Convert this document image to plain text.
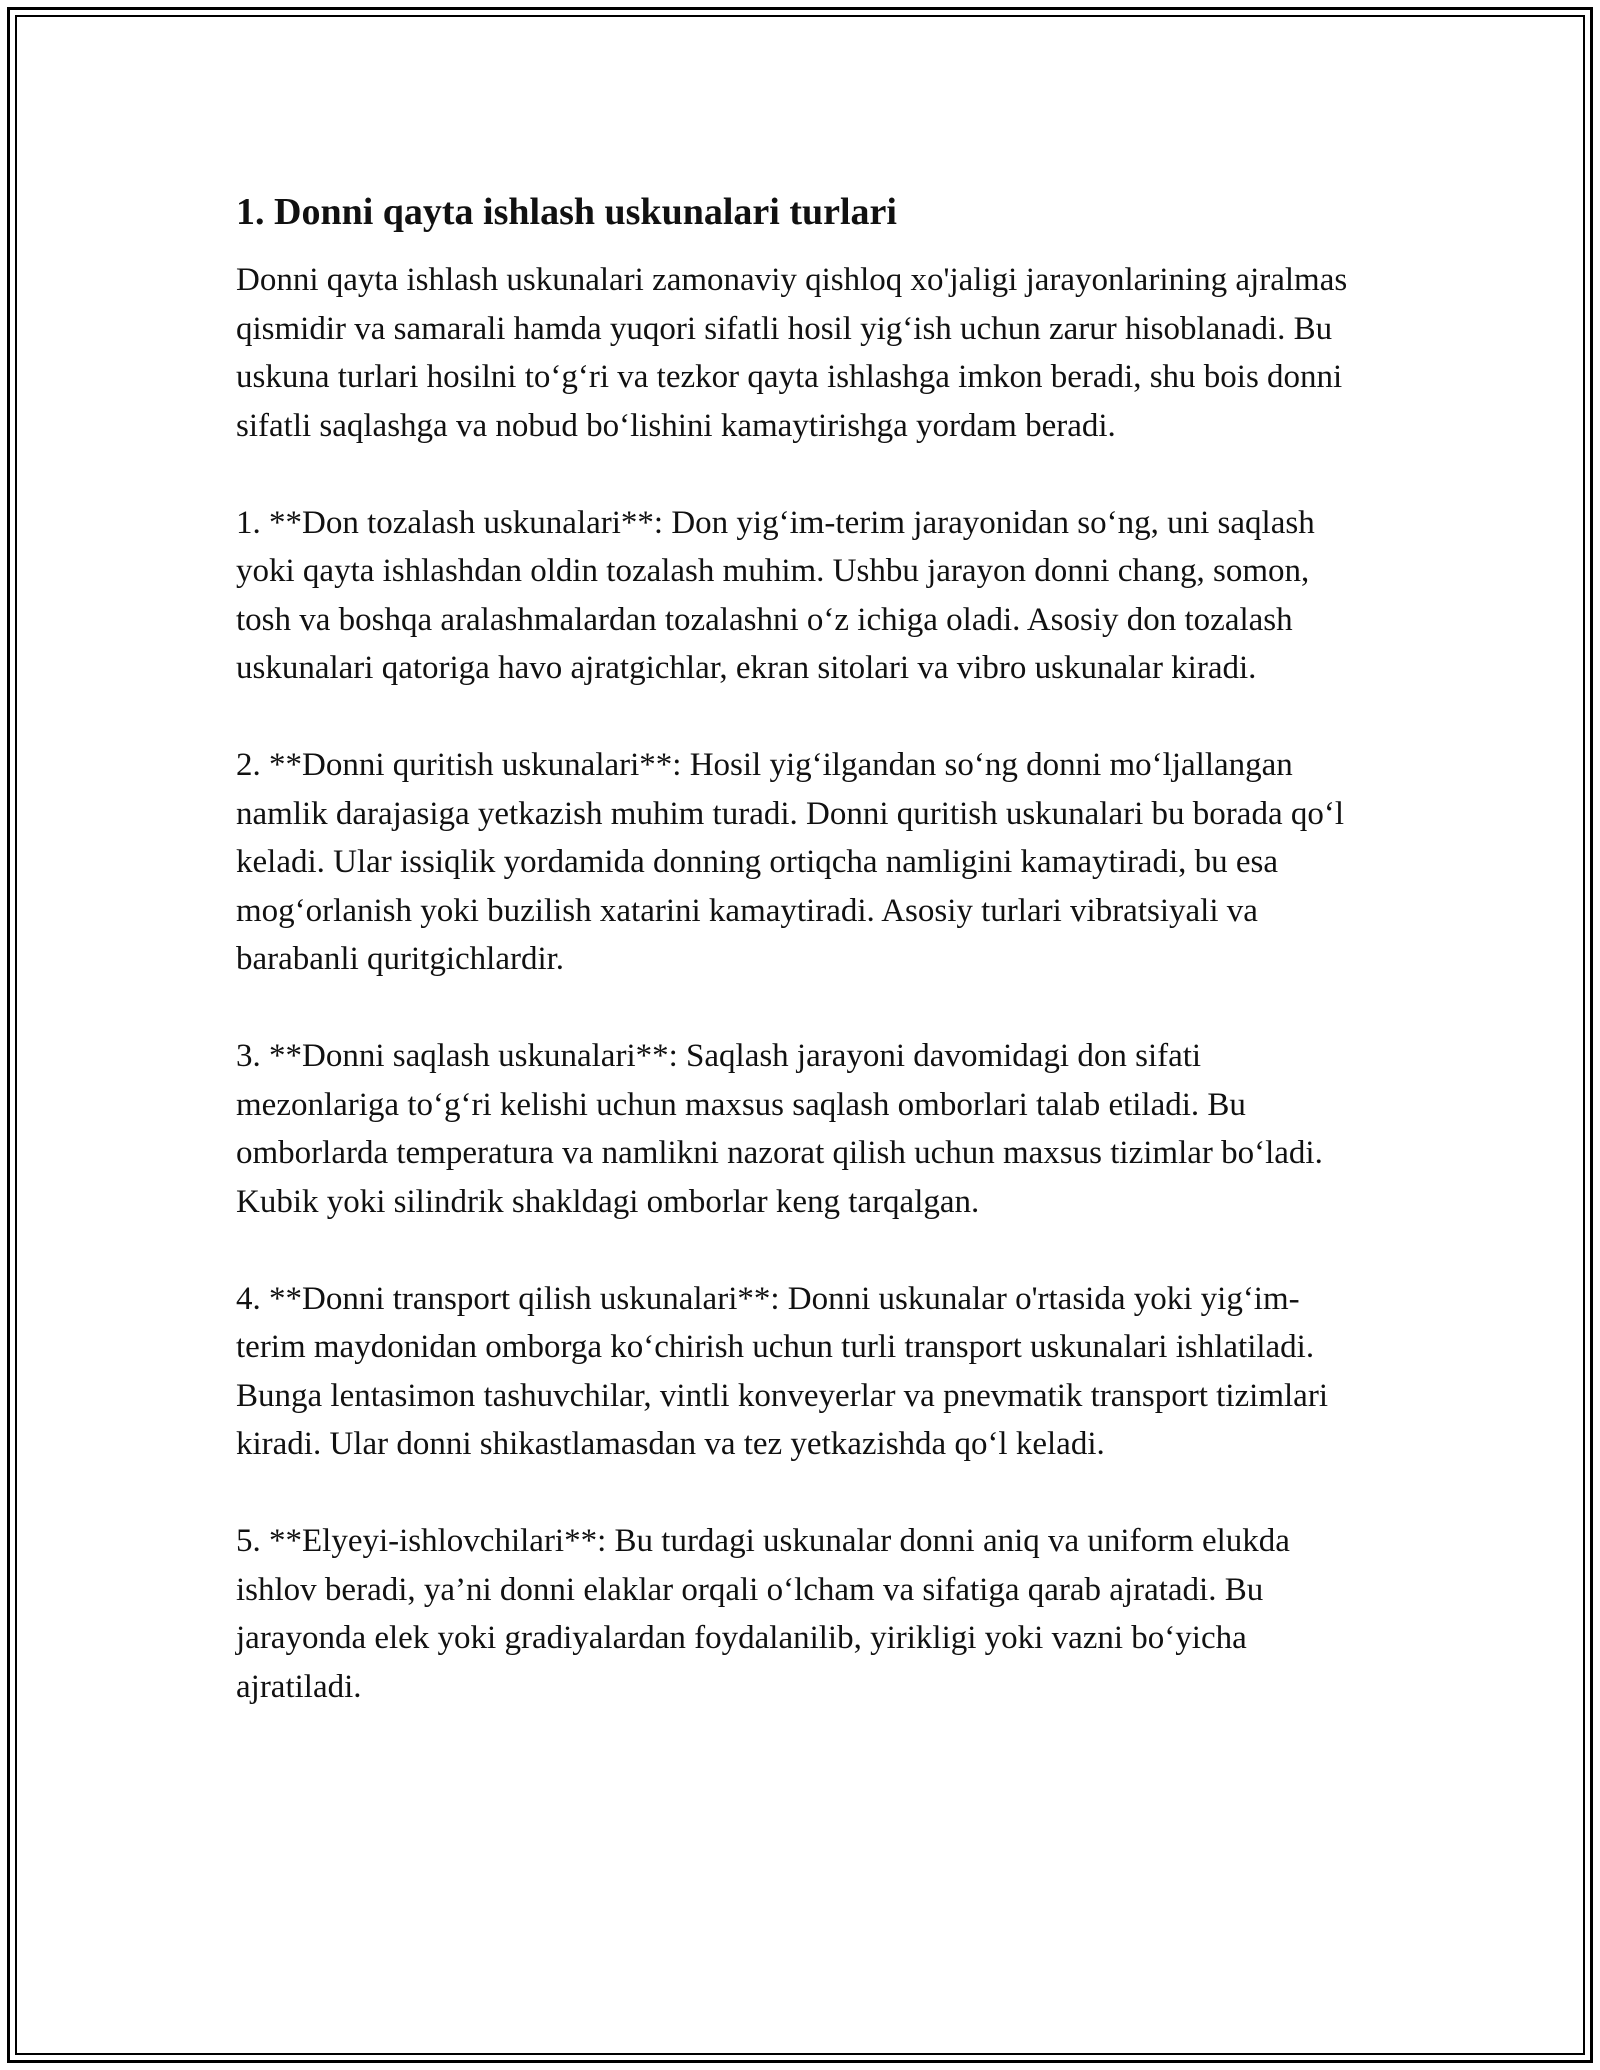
1. Donni qayta ishlash uskunalari turlari

Donni qayta ishlash uskunalari zamonaviy qishloq xo'jaligi jarayonlarining ajralmas qismidir va samarali hamda yuqori sifatli hosil yig‘ish uchun zarur hisoblanadi. Bu uskuna turlari hosilni to‘g‘ri va tezkor qayta ishlashga imkon beradi, shu bois donni sifatli saqlashga va nobud bo‘lishini kamaytirishga yordam beradi.

1. **Don tozalash uskunalari**: Don yig‘im-terim jarayonidan so‘ng, uni saqlash yoki qayta ishlashdan oldin tozalash muhim. Ushbu jarayon donni chang, somon, tosh va boshqa aralashmalardan tozalashni o‘z ichiga oladi. Asosiy don tozalash uskunalari qatoriga havo ajratgichlar, ekran sitolari va vibro uskunalar kiradi.

2. **Donni quritish uskunalari**: Hosil yig‘ilgandan so‘ng donni mo‘ljallangan namlik darajasiga yetkazish muhim turadi. Donni quritish uskunalari bu borada qo‘l keladi. Ular issiqlik yordamida donning ortiqcha namligini kamaytiradi, bu esa mog‘orlanish yoki buzilish xatarini kamaytiradi. Asosiy turlari vibratsiyali va barabanli quritgichlardir.

3. **Donni saqlash uskunalari**: Saqlash jarayoni davomidagi don sifati mezonlariga to‘g‘ri kelishi uchun maxsus saqlash omborlari talab etiladi. Bu omborlarda temperatura va namlikni nazorat qilish uchun maxsus tizimlar bo‘ladi. Kubik yoki silindrik shakldagi omborlar keng tarqalgan.

4. **Donni transport qilish uskunalari**: Donni uskunalar o'rtasida yoki yig‘im-terim maydonidan omborga ko‘chirish uchun turli transport uskunalari ishlatiladi. Bunga lentasimon tashuvchilar, vintli konveyerlar va pnevmatik transport tizimlari kiradi. Ular donni shikastlamasdan va tez yetkazishda qo‘l keladi.

5. **Elyeyi-ishlovchilari**: Bu turdagi uskunalar donni aniq va uniform elukda ishlov beradi, ya’ni donni elaklar orqali o‘lcham va sifatiga qarab ajratadi. Bu jarayonda elek yoki gradiyalardan foydalanilib, yirikligi yoki vazni bo‘yicha ajratiladi.
